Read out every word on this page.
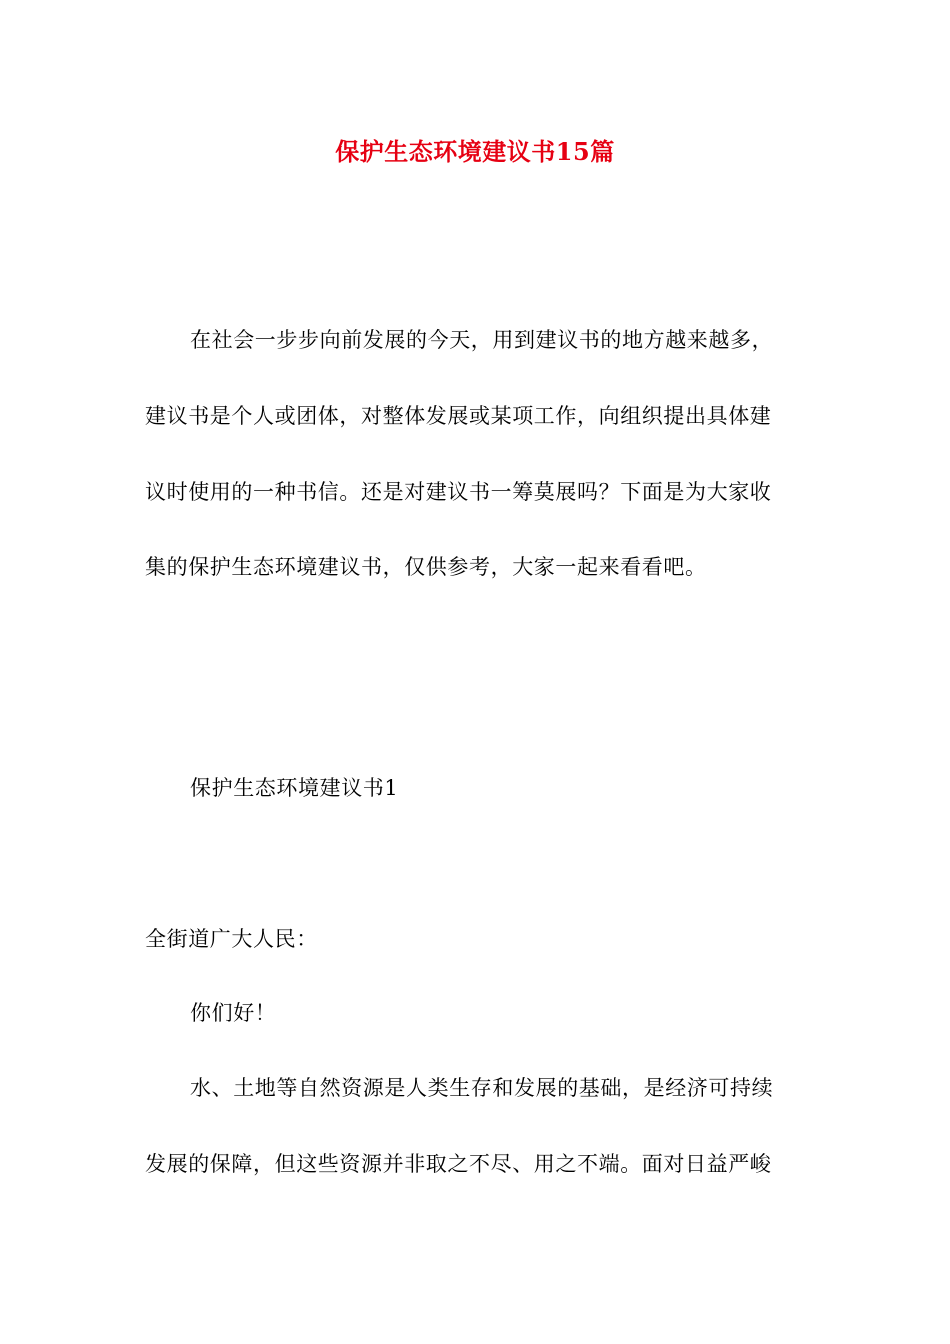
保护生态环境建议书15篇
在社会一步步向前发展的今天，用到建议书的地方越来越多，
建议书是个人或团体，对整体发展或某项工作，向组织提出具体建
议时使用的一种书信。还是对建议书一筹莫展吗？下面是为大家收
集的保护生态环境建议书，仅供参考，大家一起来看看吧。
保护生态环境建议书1
全街道广大人民：
你们好！
水、土地等自然资源是人类生存和发展的基础，是经济可持续
发展的保障，但这些资源并非取之不尽、用之不端。面对日益严峻
